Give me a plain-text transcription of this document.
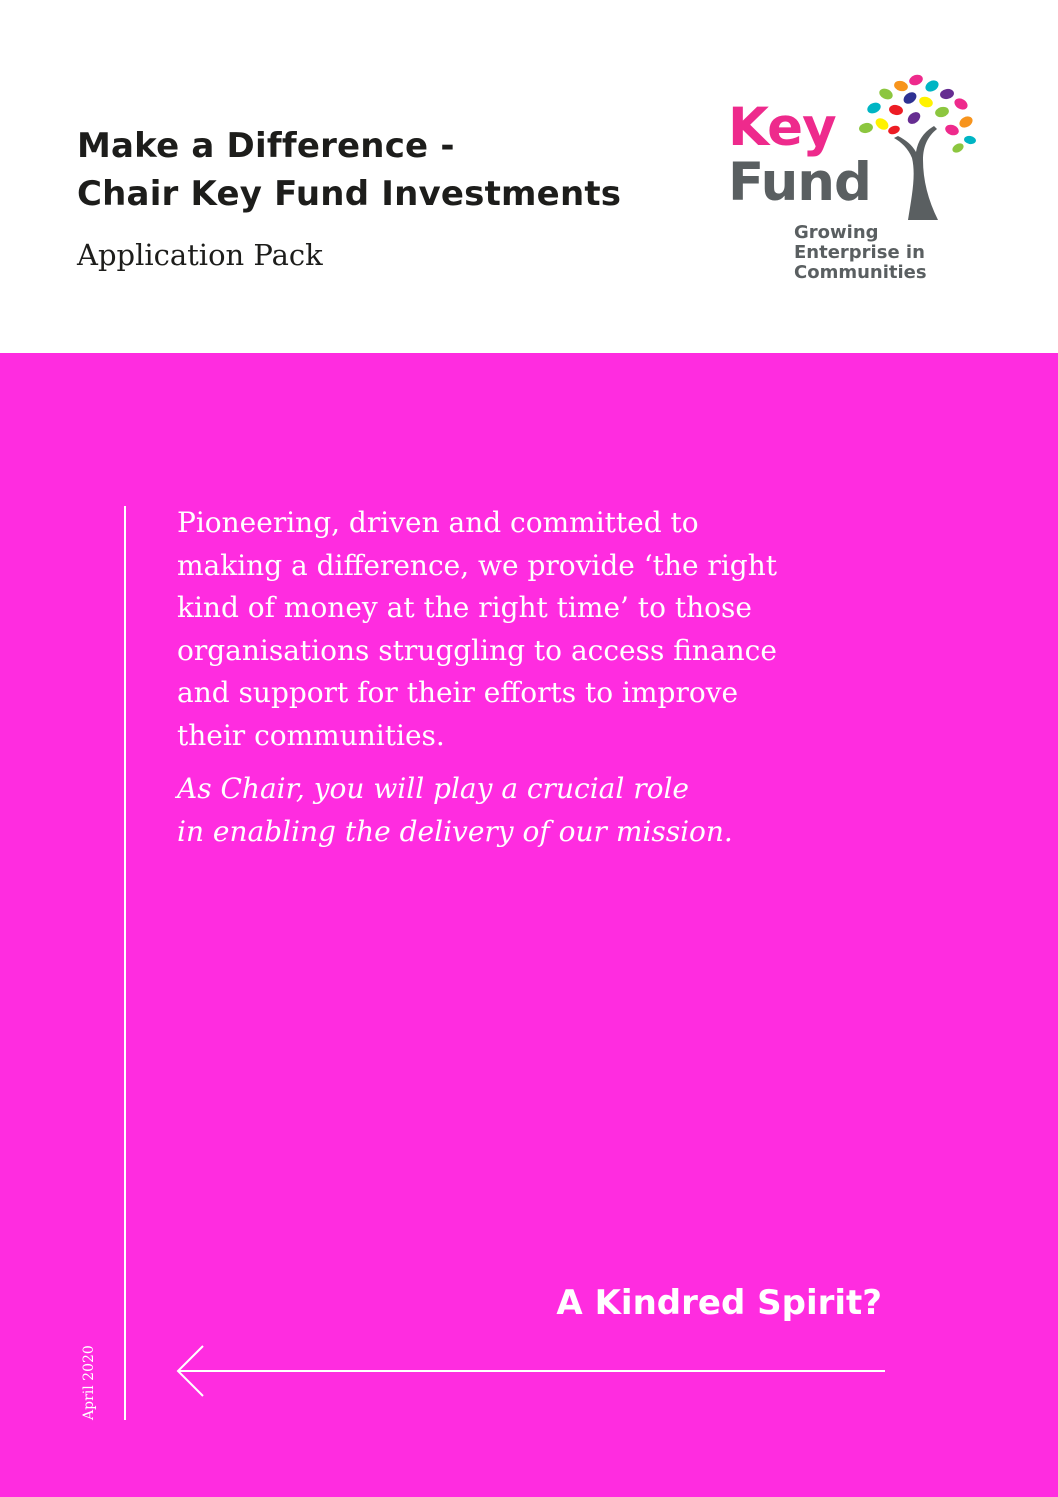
Make a Difference -
Chair Key Fund Investments
Application Pack
Key
Fund
Growing
Enterprise in
Communities
April 2020

Pioneering, driven and committed to
making a difference, we provide ‘the right
kind of money at the right time’ to those
organisations struggling to access finance
and support for their efforts to improve
their communities.

As Chair, you will play a crucial role
in enabling the delivery of our mission.

A Kindred Spirit?
